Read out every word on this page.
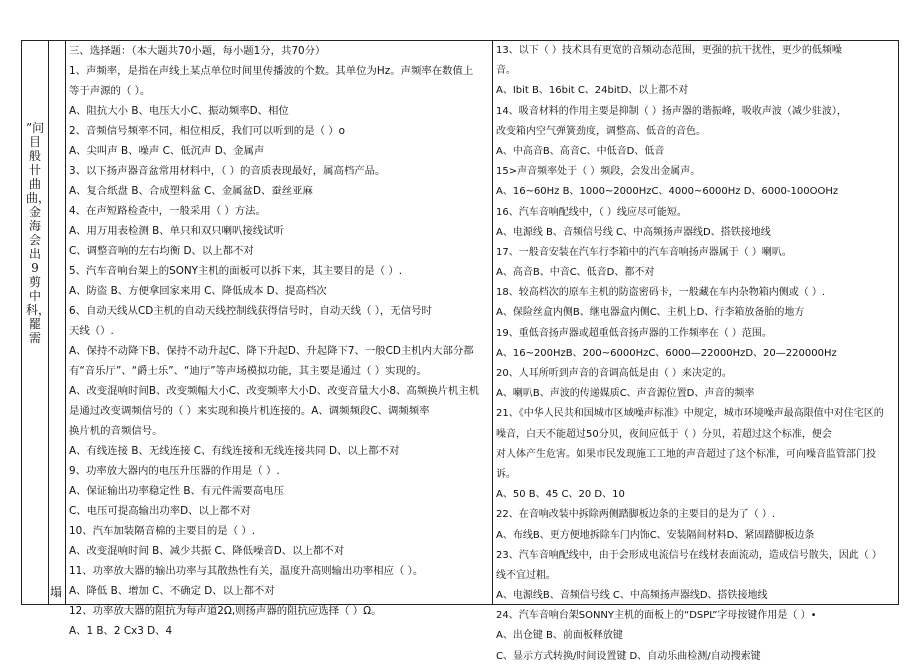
”问目般卄曲曲，金海会出9剪中科，罷需
塌
三、选择题：（本大题共70小题，每小题1分，共70分）
1、声频率，是指在声线上某点单位时间里传播波的个数。其单位为Hz。声频率在数值上
等于声源的（ ）。
A、阻抗大小 B、电压大小C、振动频率D、相位
2、音频信号频率不同，相位相反，我们可以听到的是（ ）o
A、尖叫声 B、噪声 C、低沉声 D、金属声
3、以下扬声器音盆常用材料中，（ ）的音质表现最好，属高档产品。
A、复合纸盘 B、合成塑料盆 C、金属盆D、蚕丝亚麻
4、在声短路检查中，一般采用（ ）方法。
A、用万用表检测 B、单只和双只喇叭接线试听
C、调整音响的左右均衡 D、以上都不对
5、汽车音响台架上的SONY主机的面板可以拆下来，其主要目的是（ ）.
A、防盗 B、方便拿回家来用 C、降低成本 D、提高档次
6、自动天线从CD主机的自动天线控制线获得信号时，自动天线（ ），无信号时
天线（）.
A、保持不动降下B、保持不动升起C、降下升起D、升起降下7、一般CD主机内大部分都
有“音乐厅”、“爵士乐”、“迪厅”等声场模拟功能，其主要是通过（ ）实现的。
A、改变混响时间B、改变频幅大小C、改变频率大小D、改变音量大小8、高频换片机主机
是通过改变调频信号的（ ）来实现和换片机连接的。A、调频频段C、调频频率
换片机的音频信号。
A、有线连接 B、无线连接 C、有线连接和无线连接共同 D、以上都不对
9、功率放大器内的电压升压器的作用是（ ）.
A、保证输出功率稳定性 B、有元件需要高电压
C、电压可提高输出功率D、以上都不对
10、汽车加装隔音棉的主要目的是（ ）.
A、改变混响时间 B、减少共振 C、降低噪音D、以上都不对
11、功率放大器的输出功率与其散热性有关，温度升高则输出功率相应（ ）。
A、降低 B、增加 C、不确定 D、以上都不对
12、功率放大器的阻抗为每声道2Ω,则扬声器的阻抗应选择（ ）Ω。
A、1 B、2 Cx3 D、4
13、以下（ ）技术具有更宽的音频动态范围，更强的抗干扰性，更少的低频噪
音。
A、Ibit B、16bit C、24bitD、以上都不对
14、吸音材料的作用主要是抑制（ ）扬声器的谐振峰，吸收声波（减少驻波），
改变箱内空气弹簧劲度，调整高、低音的音色。
A、中高音B、高音C、中低音D、低音
15>声音频率处于（ ）频段，会发出金属声。
A、16~60Hz B、1000~2000HzC、4000~6000Hz D、6000-100OOHz
16、汽车音响配线中，（ ）线应尽可能短。
A、电源线 B、音频信号线 C、中高频扬声器线D、搭铁接地线
17、一般音安装在汽车行李箱中的汽车音响扬声器属于（ ）喇叭。
A、高音B、中音C、低音D、都不对
18、较高档次的原车主机的防盗密码卡，一般藏在车内杂物箱内侧或（ ）.
A、保险丝盒内侧B、继电器盒内侧C、主机上D、行李箱放备胎的地方
19、重低音扬声器或超重低音扬声器的工作频率在（ ）范围。
A、16~200HzB、200~6000HzC、6000—22000HzD、20—220000Hz
20、人耳所听到声音的音调高低是由（ ）来决定的。
A、喇叭B、声波的传递媒质C、声音源位置D、声音的频率
21、《中华人民共和国城市区域噪声标准》中规定，城市环境噪声最高限值中对住宅区的
噪音，白天不能超过50分贝，夜间应低于（ ）分贝，若超过这个标准，便会
对人体产生危害。如果市民发现施工工地的声音超过了这个标准，可向噪音监管部门投
诉。
A、50 B、45 C、20 D、10
22、在音响改装中拆除两侧踏脚板边条的主要目的是为了（ ）.
A、布线B、更方便地拆除车门内饰C、安装隔间材料D、紧固踏脚板边条
23、汽车音响配线中，由于会形成电流信号在线材表面流动，造成信号散失，因此（ ）
线不宜过粗。
A、电源线B、音频信号线 C、中高频扬声器线D、搭铁接地线
24、汽车音响台架SONNY主机的面板上的“DSPL”字母按键作用是（ ）•
A、出仓键 B、前面板释放键
C、显示方式转换/时间设置键 D、自动乐曲检测/自动搜索键
